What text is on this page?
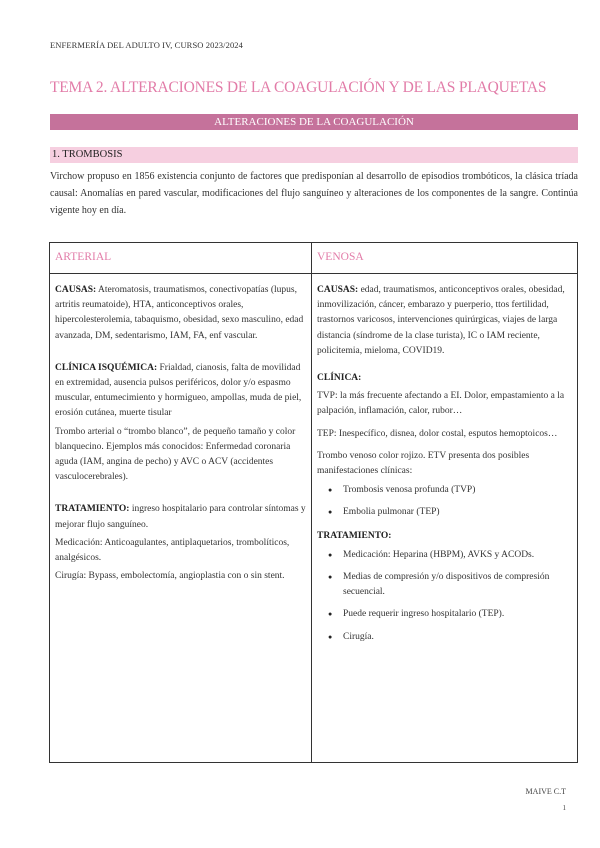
ENFERMERÍA DEL ADULTO IV, CURSO 2023/2024
TEMA 2. ALTERACIONES DE LA COAGULACIÓN Y DE LAS PLAQUETAS
ALTERACIONES DE LA COAGULACIÓN
1. TROMBOSIS

Virchow propuso en 1856 existencia conjunto de factores que predisponían al desarrollo de episodios trombóticos, la clásica tríada causal: Anomalías en pared vascular, modificaciones del flujo sanguíneo y alteraciones de los componentes de la sangre. Continúa vigente hoy en día.

ARTERIAL	VENOSA

CAUSAS: Ateromatosis, traumatismos, conectivopatías (lupus, artritis reumatoide), HTA, anticonceptivos orales, hipercolesterolemia, tabaquismo, obesidad, sexo masculino, edad avanzada, DM, sedentarismo, IAM, FA, enf vascular.

CLÍNICA ISQUÉMICA: Frialdad, cianosis, falta de movilidad en extremidad, ausencia pulsos periféricos, dolor y/o espasmo muscular, entumecimiento y hormigueo, ampollas, muda de piel, erosión cutánea, muerte tisular

Trombo arterial o “trombo blanco”, de pequeño tamaño y color blanquecino. Ejemplos más conocidos: Enfermedad coronaria aguda (IAM, angina de pecho) y AVC o ACV (accidentes vasculocerebrales).

TRATAMIENTO: ingreso hospitalario para controlar síntomas y mejorar flujo sanguíneo.

Medicación: Anticoagulantes, antiplaquetarios, trombolíticos, analgésicos.

Cirugía: Bypass, embolectomía, angioplastia con o sin stent.

CAUSAS: edad, traumatismos, anticonceptivos orales, obesidad, inmovilización, cáncer, embarazo y puerperio, ttos fertilidad, trastornos varicosos, intervenciones quirúrgicas, viajes de larga distancia (síndrome de la clase turista), IC o IAM reciente, policitemia, mieloma, COVID19.

CLÍNICA:

TVP: la más frecuente afectando a EI. Dolor, empastamiento a la palpación, inflamación, calor, rubor…

TEP: Inespecífico, disnea, dolor costal, esputos hemoptoicos…

Trombo venoso color rojizo. ETV presenta dos posibles manifestaciones clínicas:

● Trombosis venosa profunda (TVP)
● Embolia pulmonar (TEP)

TRATAMIENTO:

● Medicación: Heparina (HBPM), AVKS y ACODs.
● Medias de compresión y/o dispositivos de compresión secuencial.
● Puede requerir ingreso hospitalario (TEP).
● Cirugía.
MAIVE C.T
1
